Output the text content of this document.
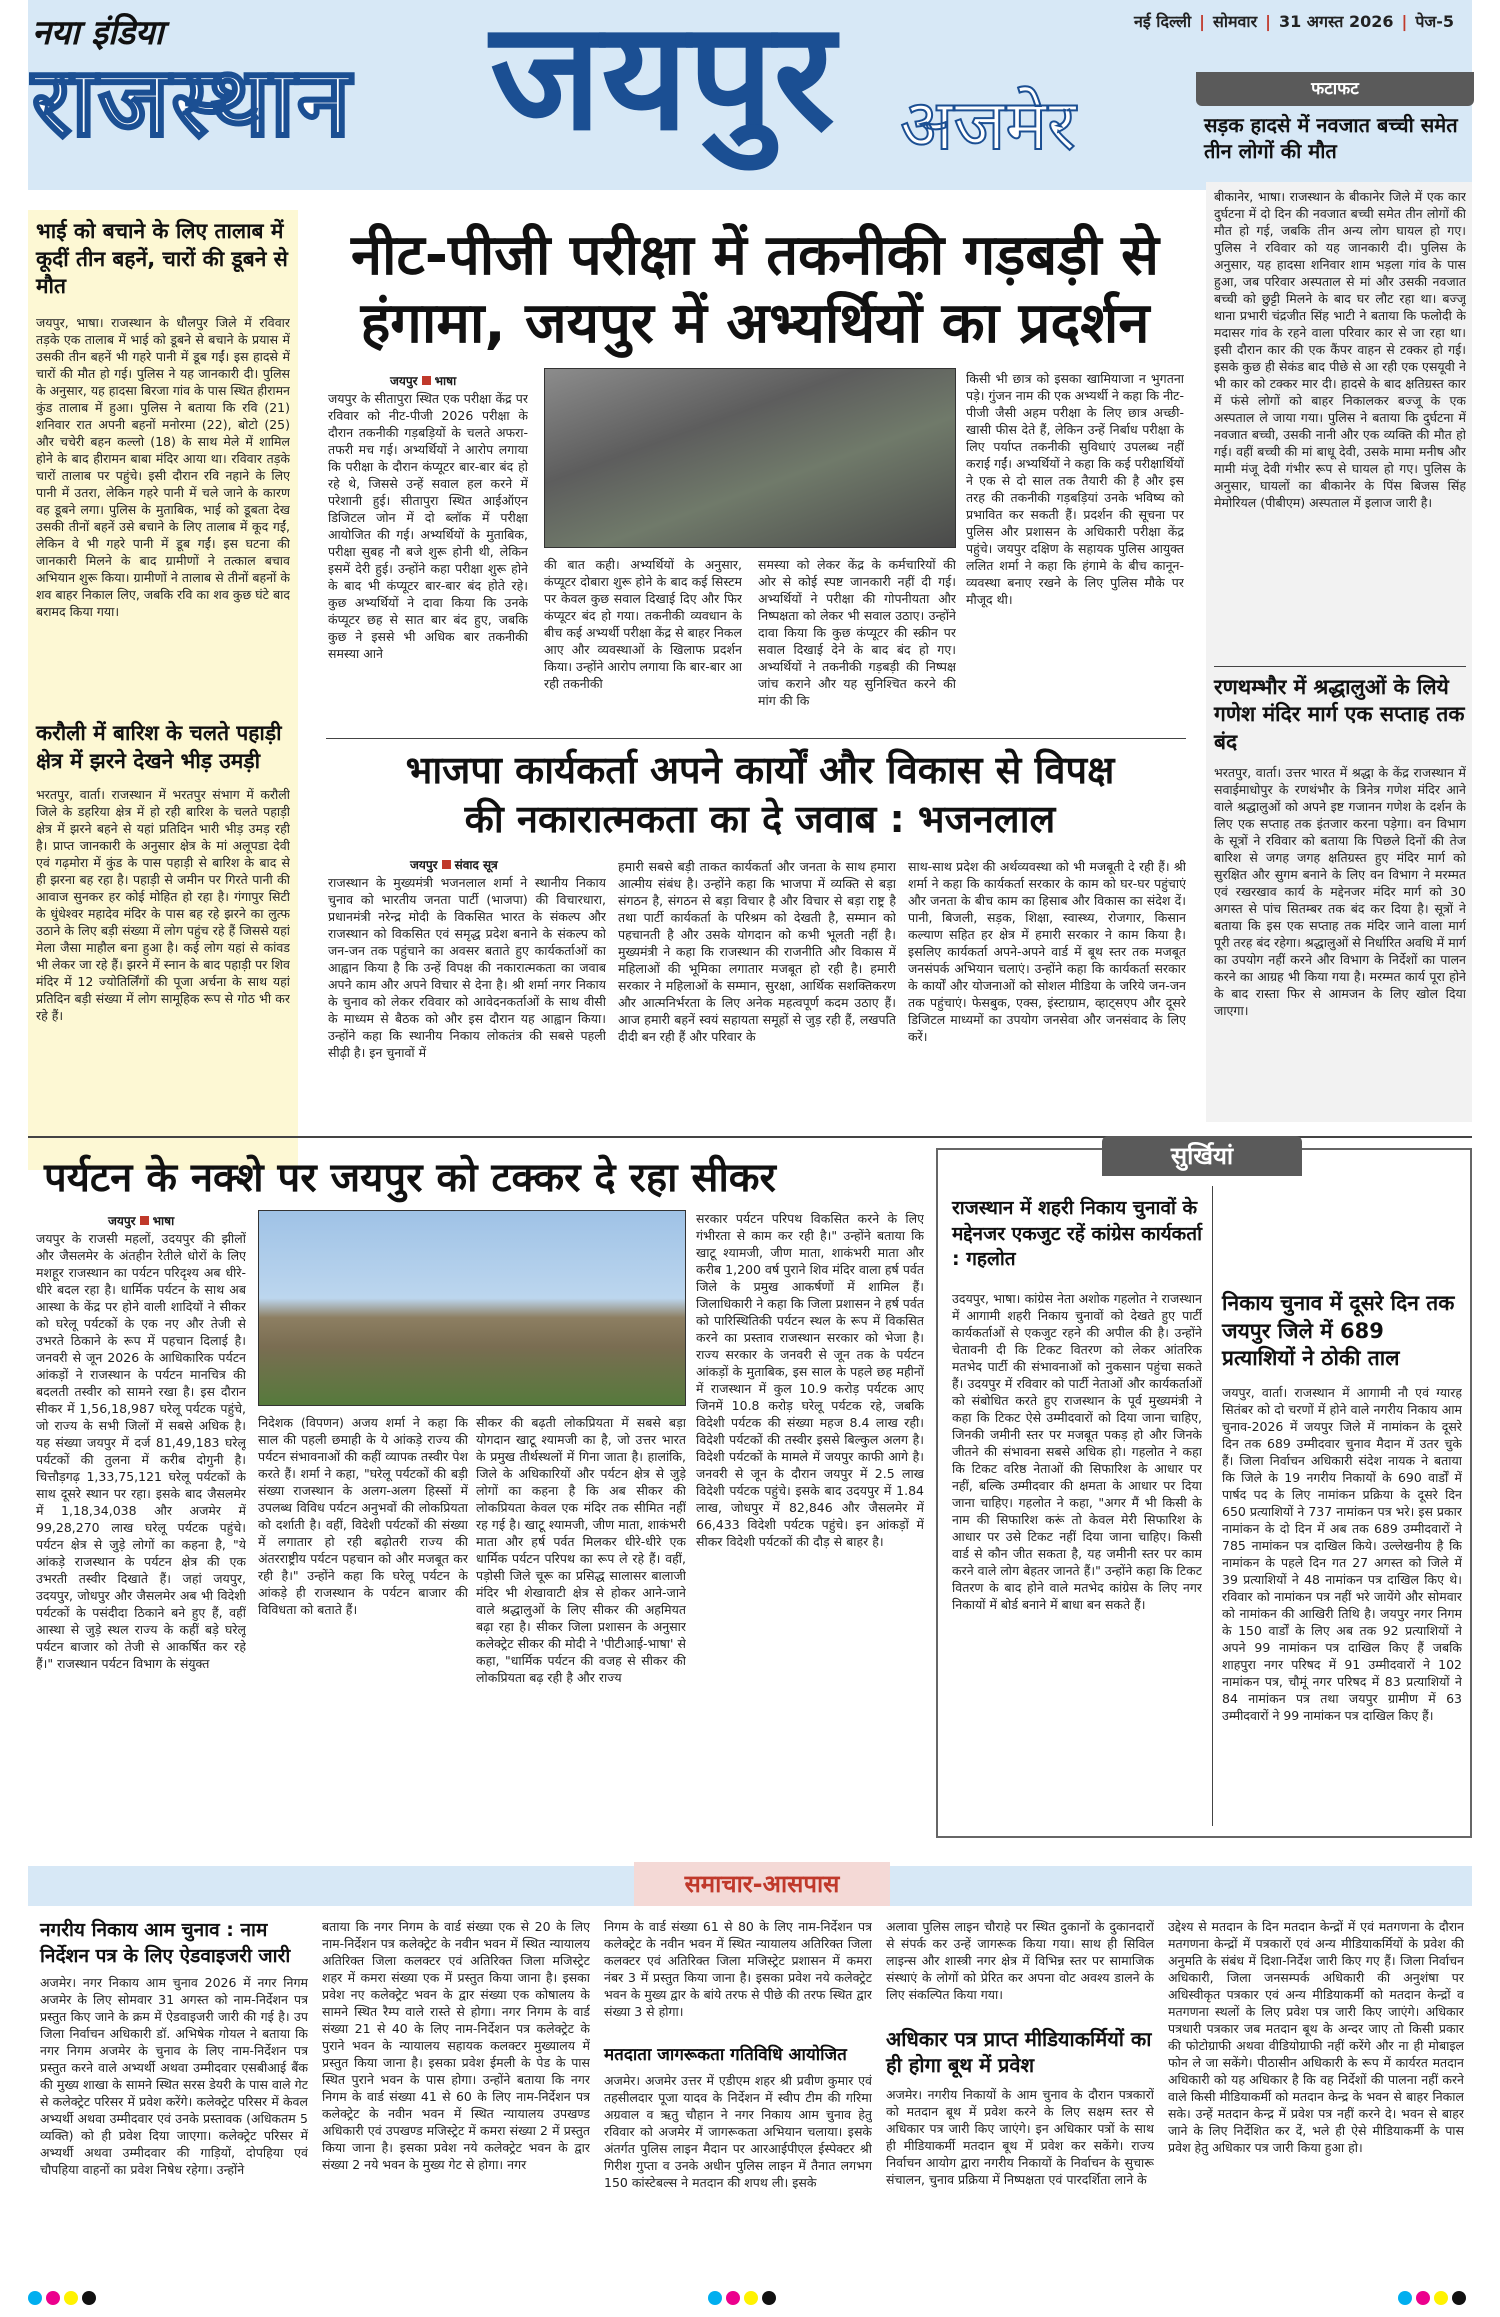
नया इंडिया
राजस्थान जयपुर अजमेर
नई दिल्ली | सोमवार | 31 अगस्त 2026 | पेज-5
फटाफट
सड़क हादसे में नवजात बच्ची समेत तीन लोगों की मौत
बीकानेर, भाषा। राजस्थान के बीकानेर जिले में एक कार दुर्घटना में दो दिन की नवजात बच्ची समेत तीन लोगों की मौत हो गई, जबकि तीन अन्य लोग घायल हो गए। पुलिस ने रविवार को यह जानकारी दी। पुलिस के अनुसार, यह हादसा शनिवार शाम भड़ला गांव के पास हुआ, जब परिवार अस्पताल से मां और उसकी नवजात बच्ची को छुट्टी मिलने के बाद घर लौट रहा था। बज्जू थाना प्रभारी चंद्रजीत सिंह भाटी ने बताया कि फलोदी के मदासर गांव के रहने वाला परिवार कार से जा रहा था। इसी दौरान कार की एक कैंपर वाहन से टक्कर हो गई। इसके कुछ ही सेकंड बाद पीछे से आ रही एक एसयूवी ने भी कार को टक्कर मार दी। हादसे के बाद क्षतिग्रस्त कार में फंसे लोगों को बाहर निकालकर बज्जू के एक अस्पताल ले जाया गया। पुलिस ने बताया कि दुर्घटना में नवजात बच्ची, उसकी नानी और एक व्यक्ति की मौत हो गई। वहीं बच्ची की मां बाधू देवी, उसके मामा मनीष और मामी मंजू देवी गंभीर रूप से घायल हो गए। पुलिस के अनुसार, घायलों का बीकानेर के पिंस बिजस सिंह मेमोरियल (पीबीएम) अस्पताल में इलाज जारी है।
रणथम्भौर में श्रद्धालुओं के लिये गणेश मंदिर मार्ग एक सप्ताह तक बंद
भरतपुर, वार्ता। उत्तर भारत में श्रद्धा के केंद्र राजस्थान में सवाईमाधोपुर के रणथंभौर के त्रिनेत्र गणेश मंदिर आने वाले श्रद्धालुओं को अपने इष्ट गजानन गणेश के दर्शन के लिए एक सप्ताह तक इंतजार करना पड़ेगा। वन विभाग के सूत्रों ने रविवार को बताया कि पिछले दिनों की तेज बारिश से जगह जगह क्षतिग्रस्त हुए मंदिर मार्ग को सुरक्षित और सुगम बनाने के लिए वन विभाग ने मरम्मत एवं रखरखाव कार्य के मद्देनजर मंदिर मार्ग को 30 अगस्त से पांच सितम्बर तक बंद कर दिया है। सूत्रों ने बताया कि इस एक सप्ताह तक मंदिर जाने वाला मार्ग पूरी तरह बंद रहेगा। श्रद्धालुओं से निर्धारित अवधि में मार्ग का उपयोग नहीं करने और विभाग के निर्देशों का पालन करने का आग्रह भी किया गया है। मरम्मत कार्य पूरा होने के बाद रास्ता फिर से आमजन के लिए खोल दिया जाएगा।
भाई को बचाने के लिए तालाब में कूदीं तीन बहनें, चारों की डूबने से मौत
जयपुर, भाषा। राजस्थान के धौलपुर जिले में रविवार तड़के एक तालाब में भाई को डूबने से बचाने के प्रयास में उसकी तीन बहनें भी गहरे पानी में डूब गईं। इस हादसे में चारों की मौत हो गई। पुलिस ने यह जानकारी दी। पुलिस के अनुसार, यह हादसा बिरजा गांव के पास स्थित हीरामन कुंड तालाब में हुआ। पुलिस ने बताया कि रवि (21) शनिवार रात अपनी बहनों मनोरमा (22), बोटो (25) और चचेरी बहन कल्लो (18) के साथ मेले में शामिल होने के बाद हीरामन बाबा मंदिर आया था। रविवार तड़के चारों तालाब पर पहुंचे। इसी दौरान रवि नहाने के लिए पानी में उतरा, लेकिन गहरे पानी में चले जाने के कारण वह डूबने लगा। पुलिस के मुताबिक, भाई को डूबता देख उसकी तीनों बहनें उसे बचाने के लिए तालाब में कूद गईं, लेकिन वे भी गहरे पानी में डूब गईं। इस घटना की जानकारी मिलने के बाद ग्रामीणों ने तत्काल बचाव अभियान शुरू किया। ग्रामीणों ने तालाब से तीनों बहनों के शव बाहर निकाल लिए, जबकि रवि का शव कुछ घंटे बाद बरामद किया गया।
करौली में बारिश के चलते पहाड़ी क्षेत्र में झरने देखने भीड़ उमड़ी
भरतपुर, वार्ता। राजस्थान में भरतपुर संभाग में करौली जिले के डहरिया क्षेत्र में हो रही बारिश के चलते पहाड़ी क्षेत्र में झरने बहने से यहां प्रतिदिन भारी भीड़ उमड़ रही है। प्राप्त जानकारी के अनुसार क्षेत्र के मां अलूपडा देवी एवं गढ़मोरा में कुंड के पास पहाड़ी से बारिश के बाद से ही झरना बह रहा है। पहाड़ी से जमीन पर गिरते पानी की आवाज सुनकर हर कोई मोहित हो रहा है। गंगापुर सिटी के धुंधेश्वर महादेव मंदिर के पास बह रहे झरने का लुत्फ उठाने के लिए बड़ी संख्या में लोग पहुंच रहे हैं जिससे यहां मेला जैसा माहौल बना हुआ है। कई लोग यहां से कांवड भी लेकर जा रहे हैं। झरने में स्नान के बाद पहाड़ी पर शिव मंदिर में 12 ज्योतिर्लिंगों की पूजा अर्चना के साथ यहां प्रतिदिन बड़ी संख्या में लोग सामूहिक रूप से गोठ भी कर रहे हैं।
नीट-पीजी परीक्षा में तकनीकी गड़बड़ी से
हंगामा, जयपुर में अभ्यर्थियों का प्रदर्शन
जयपुर भाषा
जयपुर के सीतापुरा स्थित एक परीक्षा केंद्र पर रविवार को नीट-पीजी 2026 परीक्षा के दौरान तकनीकी गड़बड़ियों के चलते अफरा-तफरी मच गई। अभ्यर्थियों ने आरोप लगाया कि परीक्षा के दौरान कंप्यूटर बार-बार बंद हो रहे थे, जिससे उन्हें सवाल हल करने में परेशानी हुई। सीतापुरा स्थित आईऑएन डिजिटल जोन में दो ब्लॉक में परीक्षा आयोजित की गई। अभ्यर्थियों के मुताबिक, परीक्षा सुबह नौ बजे शुरू होनी थी, लेकिन इसमें देरी हुई। उन्होंने कहा परीक्षा शुरू होने के बाद भी कंप्यूटर बार-बार बंद होते रहे। कुछ अभ्यर्थियों ने दावा किया कि उनके कंप्यूटर छह से सात बार बंद हुए, जबकि कुछ ने इससे भी अधिक बार तकनीकी समस्या आने
की बात कही। अभ्यर्थियों के अनुसार, कंप्यूटर दोबारा शुरू होने के बाद कई सिस्टम पर केवल कुछ सवाल दिखाई दिए और फिर कंप्यूटर बंद हो गया। तकनीकी व्यवधान के बीच कई अभ्यर्थी परीक्षा केंद्र से बाहर निकल आए और व्यवस्थाओं के खिलाफ प्रदर्शन किया। उन्होंने आरोप लगाया कि बार-बार आ रही तकनीकी
समस्या को लेकर केंद्र के कर्मचारियों की ओर से कोई स्पष्ट जानकारी नहीं दी गई। अभ्यर्थियों ने परीक्षा की गोपनीयता और निष्पक्षता को लेकर भी सवाल उठाए। उन्होंने दावा किया कि कुछ कंप्यूटर की स्क्रीन पर सवाल दिखाई देने के बाद बंद हो गए। अभ्यर्थियों ने तकनीकी गड़बड़ी की निष्पक्ष जांच कराने और यह सुनिश्चित करने की मांग की कि
किसी भी छात्र को इसका खामियाजा न भुगतना पड़े। गुंजन नाम की एक अभ्यर्थी ने कहा कि नीट-पीजी जैसी अहम परीक्षा के लिए छात्र अच्छी-खासी फीस देते हैं, लेकिन उन्हें निर्बाध परीक्षा के लिए पर्याप्त तकनीकी सुविधाएं उपलब्ध नहीं कराई गईं। अभ्यर्थियों ने कहा कि कई परीक्षार्थियों ने एक से दो साल तक तैयारी की है और इस तरह की तकनीकी गड़बड़ियां उनके भविष्य को प्रभावित कर सकती हैं। प्रदर्शन की सूचना पर पुलिस और प्रशासन के अधिकारी परीक्षा केंद्र पहुंचे। जयपुर दक्षिण के सहायक पुलिस आयुक्त ललित शर्मा ने कहा कि हंगामे के बीच कानून-व्यवस्था बनाए रखने के लिए पुलिस मौके पर मौजूद थी।
भाजपा कार्यकर्ता अपने कार्यों और विकास से विपक्ष
की नकारात्मकता का दे जवाब : भजनलाल
जयपुर संवाद सूत्र
राजस्थान के मुख्यमंत्री भजनलाल शर्मा ने स्थानीय निकाय चुनाव को भारतीय जनता पार्टी (भाजपा) की विचारधारा, प्रधानमंत्री नरेन्द्र मोदी के विकसित भारत के संकल्प और राजस्थान को विकसित एवं समृद्ध प्रदेश बनाने के संकल्प को जन-जन तक पहुंचाने का अवसर बताते हुए कार्यकर्ताओं का आह्वान किया है कि उन्हें विपक्ष की नकारात्मकता का जवाब अपने काम और अपने विचार से देना है। श्री शर्मा नगर निकाय के चुनाव को लेकर रविवार को आवेदनकर्ताओं के साथ वीसी के माध्यम से बैठक को और इस दौरान यह आह्वान किया। उन्होंने कहा कि स्थानीय निकाय लोकतंत्र की सबसे पहली सीढ़ी है। इन चुनावों में
हमारी सबसे बड़ी ताकत कार्यकर्ता और जनता के साथ हमारा आत्मीय संबंध है। उन्होंने कहा कि भाजपा में व्यक्ति से बड़ा संगठन है, संगठन से बड़ा विचार है और विचार से बड़ा राष्ट्र है तथा पार्टी कार्यकर्ता के परिश्रम को देखती है, सम्मान को पहचानती है और उसके योगदान को कभी भूलती नहीं है। मुख्यमंत्री ने कहा कि राजस्थान की राजनीति और विकास में महिलाओं की भूमिका लगातार मजबूत हो रही है। हमारी सरकार ने महिलाओं के सम्मान, सुरक्षा, आर्थिक सशक्तिकरण और आत्मनिर्भरता के लिए अनेक महत्वपूर्ण कदम उठाए हैं। आज हमारी बहनें स्वयं सहायता समूहों से जुड़ रही हैं, लखपति दीदी बन रही हैं और परिवार के
साथ-साथ प्रदेश की अर्थव्यवस्था को भी मजबूती दे रही हैं। श्री शर्मा ने कहा कि कार्यकर्ता सरकार के काम को घर-घर पहुंचाएं और जनता के बीच काम का हिसाब और विकास का संदेश दें। पानी, बिजली, सड़क, शिक्षा, स्वास्थ्य, रोजगार, किसान कल्याण सहित हर क्षेत्र में हमारी सरकार ने काम किया है। इसलिए कार्यकर्ता अपने-अपने वार्ड में बूथ स्तर तक मजबूत जनसंपर्क अभियान चलाएं। उन्होंने कहा कि कार्यकर्ता सरकार के कार्यों और योजनाओं को सोशल मीडिया के जरिये जन-जन तक पहुंचाएं। फेसबुक, एक्स, इंस्टाग्राम, व्हाट्सएप और दूसरे डिजिटल माध्यमों का उपयोग जनसेवा और जनसंवाद के लिए करें।
पर्यटन के नक्शे पर जयपुर को टक्कर दे रहा सीकर
जयपुर भाषा
जयपुर के राजसी महलों, उदयपुर की झीलों और जैसलमेर के अंतहीन रेतीले धोरों के लिए मशहूर राजस्थान का पर्यटन परिदृश्य अब धीरे-धीरे बदल रहा है। धार्मिक पर्यटन के साथ अब आस्था के केंद्र पर होने वाली शादियों ने सीकर को घरेलू पर्यटकों के एक नए और तेजी से उभरते ठिकाने के रूप में पहचान दिलाई है। जनवरी से जून 2026 के आधिकारिक पर्यटन आंकड़ों ने राजस्थान के पर्यटन मानचित्र की बदलती तस्वीर को सामने रखा है। इस दौरान सीकर में 1,56,18,987 घरेलू पर्यटक पहुंचे, जो राज्य के सभी जिलों में सबसे अधिक है। यह संख्या जयपुर में दर्ज 81,49,183 घरेलू पर्यटकों की तुलना में करीब दोगुनी है। चित्तौड़गढ़ 1,33,75,121 घरेलू पर्यटकों के साथ दूसरे स्थान पर रहा। इसके बाद जैसलमेर में 1,18,34,038 और अजमेर में 99,28,270 लाख घरेलू पर्यटक पहुंचे। पर्यटन क्षेत्र से जुड़े लोगों का कहना है, "ये आंकड़े राजस्थान के पर्यटन क्षेत्र की एक उभरती तस्वीर दिखाते हैं। जहां जयपुर, उदयपुर, जोधपुर और जैसलमेर अब भी विदेशी पर्यटकों के पसंदीदा ठिकाने बने हुए हैं, वहीं आस्था से जुड़े स्थल राज्य के कहीं बड़े घरेलू पर्यटन बाजार को तेजी से आकर्षित कर रहे हैं।" राजस्थान पर्यटन विभाग के संयुक्त
निदेशक (विपणन) अजय शर्मा ने कहा कि साल की पहली छमाही के ये आंकड़े राज्य की पर्यटन संभावनाओं की कहीं व्यापक तस्वीर पेश करते हैं। शर्मा ने कहा, "घरेलू पर्यटकों की बड़ी संख्या राजस्थान के अलग-अलग हिस्सों में उपलब्ध विविध पर्यटन अनुभवों की लोकप्रियता को दर्शाती है। वहीं, विदेशी पर्यटकों की संख्या में लगातार हो रही बढ़ोतरी राज्य की अंतरराष्ट्रीय पर्यटन पहचान को और मजबूत कर रही है।" उन्होंने कहा कि घरेलू पर्यटन के आंकड़े ही राजस्थान के पर्यटन बाजार की विविधता को बताते हैं।
सीकर की बढ़ती लोकप्रियता में सबसे बड़ा योगदान खाटू श्यामजी का है, जो उत्तर भारत के प्रमुख तीर्थस्थलों में गिना जाता है। हालांकि, जिले के अधिकारियों और पर्यटन क्षेत्र से जुड़े लोगों का कहना है कि अब सीकर की लोकप्रियता केवल एक मंदिर तक सीमित नहीं रह गई है। खाटू श्यामजी, जीण माता, शाकंभरी माता और हर्ष पर्वत मिलकर धीरे-धीरे एक धार्मिक पर्यटन परिपथ का रूप ले रहे हैं। वहीं, पड़ोसी जिले चूरू का प्रसिद्ध सालासर बालाजी मंदिर भी शेखावाटी क्षेत्र से होकर आने-जाने वाले श्रद्धालुओं के लिए सीकर की अहमियत बढ़ा रहा है। सीकर जिला प्रशासन के अनुसार कलेक्ट्रेट सीकर की मोदी ने 'पीटीआई-भाषा' से कहा, "धार्मिक पर्यटन की वजह से सीकर की लोकप्रियता बढ़ रही है और राज्य
सरकार पर्यटन परिपथ विकसित करने के लिए गंभीरता से काम कर रही है।" उन्होंने बताया कि खाटू श्यामजी, जीण माता, शाकंभरी माता और करीब 1,200 वर्ष पुराने शिव मंदिर वाला हर्ष पर्वत जिले के प्रमुख आकर्षणों में शामिल हैं। जिलाधिकारी ने कहा कि जिला प्रशासन ने हर्ष पर्वत को पारिस्थितिकी पर्यटन स्थल के रूप में विकसित करने का प्रस्ताव राजस्थान सरकार को भेजा है। राज्य सरकार के जनवरी से जून तक के पर्यटन आंकड़ों के मुताबिक, इस साल के पहले छह महीनों में राजस्थान में कुल 10.9 करोड़ पर्यटक आए जिनमें 10.8 करोड़ घरेलू पर्यटक रहे, जबकि विदेशी पर्यटक की संख्या महज 8.4 लाख रही। विदेशी पर्यटकों की तस्वीर इससे बिल्कुल अलग है। विदेशी पर्यटकों के मामले में जयपुर काफी आगे है। जनवरी से जून के दौरान जयपुर में 2.5 लाख विदेशी पर्यटक पहुंचे। इसके बाद उदयपुर में 1.84 लाख, जोधपुर में 82,846 और जैसलमेर में 66,433 विदेशी पर्यटक पहुंचे। इन आंकड़ों में सीकर विदेशी पर्यटकों की दौड़ से बाहर है।
सुर्खियां
राजस्थान में शहरी निकाय चुनावों के मद्देनजर एकजुट रहें कांग्रेस कार्यकर्ता : गहलोत
उदयपुर, भाषा। कांग्रेस नेता अशोक गहलोत ने राजस्थान में आगामी शहरी निकाय चुनावों को देखते हुए पार्टी कार्यकर्ताओं से एकजुट रहने की अपील की है। उन्होंने चेतावनी दी कि टिकट वितरण को लेकर आंतरिक मतभेद पार्टी की संभावनाओं को नुकसान पहुंचा सकते हैं। उदयपुर में रविवार को पार्टी नेताओं और कार्यकर्ताओं को संबोधित करते हुए राजस्थान के पूर्व मुख्यमंत्री ने कहा कि टिकट ऐसे उम्मीदवारों को दिया जाना चाहिए, जिनकी जमीनी स्तर पर मजबूत पकड़ हो और जिनके जीतने की संभावना सबसे अधिक हो। गहलोत ने कहा कि टिकट वरिष्ठ नेताओं की सिफारिश के आधार पर नहीं, बल्कि उम्मीदवार की क्षमता के आधार पर दिया जाना चाहिए। गहलोत ने कहा, "अगर मैं भी किसी के नाम की सिफारिश करूं तो केवल मेरी सिफारिश के आधार पर उसे टिकट नहीं दिया जाना चाहिए। किसी वार्ड से कौन जीत सकता है, यह जमीनी स्तर पर काम करने वाले लोग बेहतर जानते हैं।" उन्होंने कहा कि टिकट वितरण के बाद होने वाले मतभेद कांग्रेस के लिए नगर निकायों में बोर्ड बनाने में बाधा बन सकते हैं।
निकाय चुनाव में दूसरे दिन तक जयपुर जिले में 689 प्रत्याशियों ने ठोकी ताल
जयपुर, वार्ता। राजस्थान में आगामी नौ एवं ग्यारह सितंबर को दो चरणों में होने वाले नगरीय निकाय आम चुनाव-2026 में जयपुर जिले में नामांकन के दूसरे दिन तक 689 उम्मीदवार चुनाव मैदान में उतर चुके हैं। जिला निर्वाचन अधिकारी संदेश नायक ने बताया कि जिले के 19 नगरीय निकायों के 690 वार्डों में पार्षद पद के लिए नामांकन प्रक्रिया के दूसरे दिन 650 प्रत्याशियों ने 737 नामांकन पत्र भरे। इस प्रकार नामांकन के दो दिन में अब तक 689 उम्मीदवारों ने 785 नामांकन पत्र दाखिल किये। उल्लेखनीय है कि नामांकन के पहले दिन गत 27 अगस्त को जिले में 39 प्रत्याशियों ने 48 नामांकन पत्र दाखिल किए थे। रविवार को नामांकन पत्र नहीं भरे जायेंगे और सोमवार को नामांकन की आखिरी तिथि है। जयपुर नगर निगम के 150 वार्डों के लिए अब तक 92 प्रत्याशियों ने अपने 99 नामांकन पत्र दाखिल किए हैं जबकि शाहपुरा नगर परिषद में 91 उम्मीदवारों ने 102 नामांकन पत्र, चौमूं नगर परिषद में 83 प्रत्याशियों ने 84 नामांकन पत्र तथा जयपुर ग्रामीण में 63 उम्मीदवारों ने 99 नामांकन पत्र दाखिल किए हैं।
समाचार-आसपास
नगरीय निकाय आम चुनाव : नाम निर्देशन पत्र के लिए ऐडवाइजरी जारी
अजमेर। नगर निकाय आम चुनाव 2026 में नगर निगम अजमेर के लिए सोमवार 31 अगस्त को नाम-निर्देशन पत्र प्रस्तुत किए जाने के क्रम में ऐडवाइजरी जारी की गई है। उप जिला निर्वाचन अधिकारी डॉ. अभिषेक गोयल ने बताया कि नगर निगम अजमेर के चुनाव के लिए नाम-निर्देशन पत्र प्रस्तुत करने वाले अभ्यर्थी अथवा उम्मीदवार एसबीआई बैंक की मुख्य शाखा के सामने स्थित सरस डेयरी के पास वाले गेट से कलेक्ट्रेट परिसर में प्रवेश करेंगे। कलेक्ट्रेट परिसर में केवल अभ्यर्थी अथवा उम्मीदवार एवं उनके प्रस्तावक (अधिकतम 5 व्यक्ति) को ही प्रवेश दिया जाएगा। कलेक्ट्रेट परिसर में अभ्यर्थी अथवा उम्मीदवार की गाड़ियों, दोपहिया एवं चौपहिया वाहनों का प्रवेश निषेध रहेगा। उन्होंने
बताया कि नगर निगम के वार्ड संख्या एक से 20 के लिए नाम-निर्देशन पत्र कलेक्ट्रेट के नवीन भवन में स्थित न्यायालय अतिरिक्त जिला कलक्टर एवं अतिरिक्त जिला मजिस्ट्रेट शहर में कमरा संख्या एक में प्रस्तुत किया जाना है। इसका प्रवेश नए कलेक्ट्रेट भवन के द्वार संख्या एक कोषालय के सामने स्थित रैम्प वाले रास्ते से होगा। नगर निगम के वार्ड संख्या 21 से 40 के लिए नाम-निर्देशन पत्र कलेक्ट्रेट के पुराने भवन के न्यायालय सहायक कलक्टर मुख्यालय में प्रस्तुत किया जाना है। इसका प्रवेश ईमली के पेड के पास स्थित पुराने भवन के पास होगा। उन्होंने बताया कि नगर निगम के वार्ड संख्या 41 से 60 के लिए नाम-निर्देशन पत्र कलेक्ट्रेट के नवीन भवन में स्थित न्यायालय उपखण्ड अधिकारी एवं उपखण्ड मजिस्ट्रेट में कमरा संख्या 2 में प्रस्तुत किया जाना है। इसका प्रवेश नये कलेक्ट्रेट भवन के द्वार संख्या 2 नये भवन के मुख्य गेट से होगा। नगर
निगम के वार्ड संख्या 61 से 80 के लिए नाम-निर्देशन पत्र कलेक्ट्रेट के नवीन भवन में स्थित न्यायालय अतिरिक्त जिला कलक्टर एवं अतिरिक्त जिला मजिस्ट्रेट प्रशासन में कमरा नंबर 3 में प्रस्तुत किया जाना है। इसका प्रवेश नये कलेक्ट्रेट भवन के मुख्य द्वार के बांये तरफ से पीछे की तरफ स्थित द्वार संख्या 3 से होगा।
मतदाता जागरूकता गतिविधि आयोजित
अजमेर। अजमेर उत्तर में एडीएम शहर श्री प्रवीण कुमार एवं तहसीलदार पूजा यादव के निर्देशन में स्वीप टीम की गरिमा अग्रवाल व ऋतु चौहान ने नगर निकाय आम चुनाव हेतु रविवार को अजमेर में जागरूकता अभियान चलाया। इसके अंतर्गत पुलिस लाइन मैदान पर आरआईपीएल ईस्पेक्टर श्री गिरीश गुप्ता व उनके अधीन पुलिस लाइन में तैनात लगभग 150 कांस्टेबल्स ने मतदान की शपथ ली। इसके
अलावा पुलिस लाइन चौराहे पर स्थित दुकानों के दुकानदारों से संपर्क कर उन्हें जागरूक किया गया। साथ ही सिविल लाइन्स और शास्त्री नगर क्षेत्र में विभिन्न स्तर पर सामाजिक संस्थाएं के लोगों को प्रेरित कर अपना वोट अवश्य डालने के लिए संकल्पित किया गया।
अधिकार पत्र प्राप्त मीडियाकर्मियों का ही होगा बूथ में प्रवेश
अजमेर। नगरीय निकायों के आम चुनाव के दौरान पत्रकारों को मतदान बूथ में प्रवेश करने के लिए सक्षम स्तर से अधिकार पत्र जारी किए जाएंगे। इन अधिकार पत्रों के साथ ही मीडियाकर्मी मतदान बूथ में प्रवेश कर सकेंगे। राज्य निर्वाचन आयोग द्वारा नगरीय निकायों के निर्वाचन के सुचारू संचालन, चुनाव प्रक्रिया में निष्पक्षता एवं पारदर्शिता लाने के
उद्देश्य से मतदान के दिन मतदान केन्द्रों में एवं मतगणना के दौरान मतगणना केन्द्रों में पत्रकारों एवं अन्य मीडियाकर्मियों के प्रवेश की अनुमति के संबंध में दिशा-निर्देश जारी किए गए हैं। जिला निर्वाचन अधिकारी, जिला जनसम्पर्क अधिकारी की अनुशंषा पर अधिस्वीकृत पत्रकार एवं अन्य मीडियाकर्मी को मतदान केन्द्रों व मतगणना स्थलों के लिए प्रवेश पत्र जारी किए जाएंगे। अधिकार पत्रधारी पत्रकार जब मतदान बूथ के अन्दर जाए तो किसी प्रकार की फोटोग्राफी अथवा वीडियोग्राफी नहीं करेंगे और ना ही मोबाइल फोन ले जा सकेंगे। पीठासीन अधिकारी के रूप में कार्यरत मतदान अधिकारी को यह अधिकार है कि वह निर्देशों की पालना नहीं करने वाले किसी मीडियाकर्मी को मतदान केन्द्र के भवन से बाहर निकाल सके। उन्हें मतदान केन्द्र में प्रवेश पत्र नहीं करने दे। भवन से बाहर जाने के लिए निर्देशित कर दें, भले ही ऐसे मीडियाकर्मी के पास प्रवेश हेतु अधिकार पत्र जारी किया हुआ हो।
